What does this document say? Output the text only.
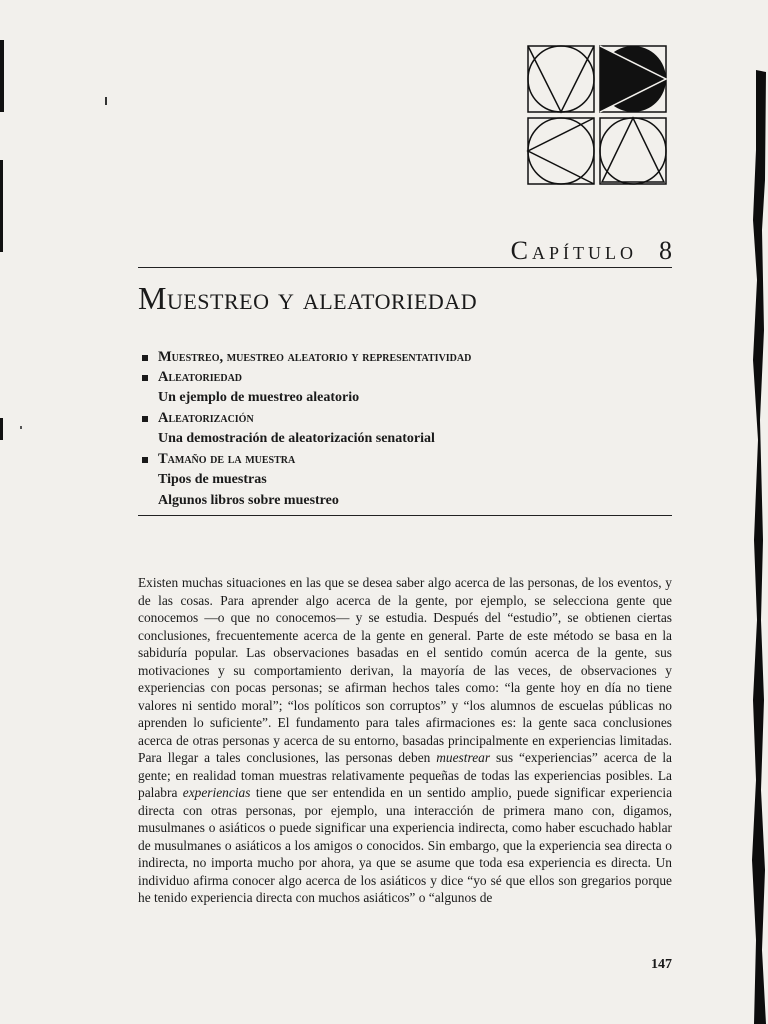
Capítulo 8
Muestreo y aleatoriedad
Muestreo, muestreo aleatorio y representatividad
Aleatoriedad
Un ejemplo de muestreo aleatorio
Aleatorización
Una demostración de aleatorización senatorial
Tamaño de la muestra
Tipos de muestras
Algunos libros sobre muestreo

Existen muchas situaciones en las que se desea saber algo acerca de las personas, de los eventos, y de las cosas. Para aprender algo acerca de la gente, por ejemplo, se selecciona gente que conocemos —o que no conocemos— y se estudia. Después del “estudio”, se obtienen ciertas conclusiones, frecuentemente acerca de la gente en general. Parte de este método se basa en la sabiduría popular. Las observaciones basadas en el sentido común acerca de la gente, sus motivaciones y su comportamiento derivan, la mayoría de las veces, de observaciones y experiencias con pocas personas; se afirman hechos tales como: “la gente hoy en día no tiene valores ni sentido moral”; “los políticos son corruptos” y “los alumnos de escuelas públicas no aprenden lo suficiente”. El fundamento para tales afirmaciones es: la gente saca conclusiones acerca de otras personas y acerca de su entorno, basadas principalmente en experiencias limitadas. Para llegar a tales conclusiones, las personas deben muestrear sus “experiencias” acerca de la gente; en realidad toman muestras relativamente pequeñas de todas las experiencias posibles. La palabra experiencias tiene que ser entendida en un sentido amplio, puede significar experiencia directa con otras personas, por ejemplo, una interacción de primera mano con, digamos, musulmanes o asiáticos o puede significar una experiencia indirecta, como haber escuchado hablar de musulmanes o asiáticos a los amigos o conocidos. Sin embargo, que la experiencia sea directa o indirecta, no importa mucho por ahora, ya que se asume que toda esa experiencia es directa. Un individuo afirma conocer algo acerca de los asiáticos y dice “yo sé que ellos son gregarios porque he tenido experiencia directa con muchos asiáticos” o “algunos de

147
